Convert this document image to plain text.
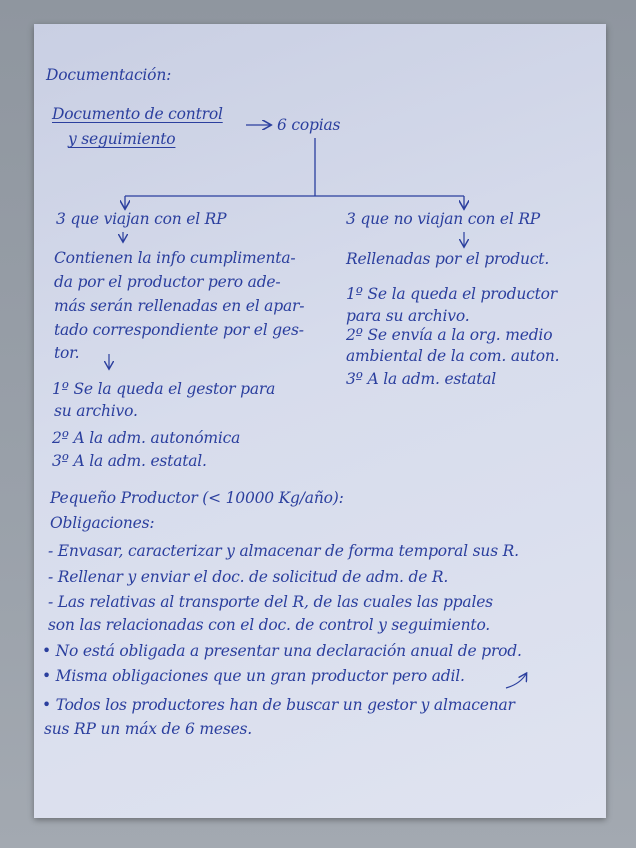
Documentación:
Documento de control
y seguimiento
6 copias
3 que viajan con el RP
Contienen la info cumplimenta-
da por el productor pero ade-
más serán rellenadas en el apar-
tado correspondiente por el ges-
tor.
1º Se la queda el gestor para
su archivo.
2º A la adm. autonómica
3º A la adm. estatal.
3 que no viajan con el RP
Rellenadas por el product.
1º Se la queda el productor
para su archivo.
2º Se envía a la org. medio
ambiental de la com. auton.
3º A la adm. estatal
Pequeño Productor (< 10000 Kg/año):
Obligaciones:
- Envasar, caracterizar y almacenar de forma temporal sus R.
- Rellenar y enviar el doc. de solicitud de adm. de R.
- Las relativas al transporte del R, de las cuales las ppales
son las relacionadas con el doc. de control y seguimiento.
• No está obligada a presentar una declaración anual de prod.
• Misma obligaciones que un gran productor pero adil.
• Todos los productores han de buscar un gestor y almacenar
sus RP un máx de 6 meses.
